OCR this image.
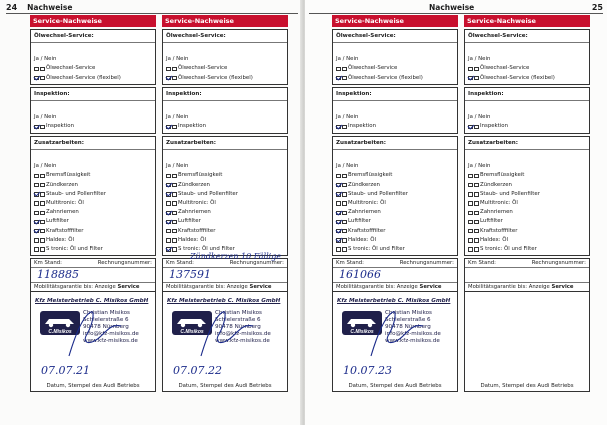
24 Nachweise	Nachweise	25
Service-Nachweise
Ölwechsel-Service:
Ja / Nein
Ölwechsel-Service
Ölwechsel-Service (flexibel)
Inspektion:
Ja / Nein
Inspektion
Zusatzarbeiten:
Ja / Nein
Bremsflüssigkeit
Zündkerzen
Staub- und Pollenfilter
Multitronic: Öl
Zahnriemen
Luftfilter
Kraftstofffilter
Haldex: Öl
S tronic: Öl und Filter
Km Stand:	Rechnungsnummer:
118885
Mobilitätsgarantie bis: Anzeige Service
Kfz Meisterbetrieb C. Misikos GmbH
C.Misikos
Christian Misikos
Schielerstraße 6
90478 Nürnberg
info@kfz-misikos.de
www.kfz-misikos.de
07.07.21
Datum, Stempel des Audi Betriebs
Service-Nachweise
Ölwechsel-Service:
Ja / Nein
Ölwechsel-Service
Ölwechsel-Service (flexibel)
Inspektion:
Ja / Nein
Inspektion
Zusatzarbeiten:
Ja / Nein
Bremsflüssigkeit
Zündkerzen
Staub- und Pollenfilter
Multitronic: Öl
Zahnriemen
Luftfilter
Kraftstofffilter
Haldex: Öl
S tronic: Öl und Filter
Km Stand:	Rechnungsnummer:
137591
Mobilitätsgarantie bis: Anzeige Service
Kfz Meisterbetrieb C. Misikos GmbH
C.Misikos
Christian Misikos
Schielerstraße 6
90478 Nürnberg
info@kfz-misikos.de
www.kfz-misikos.de
07.07.22
Datum, Stempel des Audi Betriebs
Zündkerzen 10 Fällige
Service-Nachweise
Ölwechsel-Service:
Ja / Nein
Ölwechsel-Service
Ölwechsel-Service (flexibel)
Inspektion:
Ja / Nein
Inspektion
Zusatzarbeiten:
Ja / Nein
Bremsflüssigkeit
Zündkerzen
Staub- und Pollenfilter
Multitronic: Öl
Zahnriemen
Luftfilter
Kraftstofffilter
Haldex: Öl
S tronic: Öl und Filter
Km Stand:	Rechnungsnummer:
161066
Mobilitätsgarantie bis: Anzeige Service
Kfz Meisterbetrieb C. Misikos GmbH
C.Misikos
Christian Misikos
Schielerstraße 6
90478 Nürnberg
info@kfz-misikos.de
www.kfz-misikos.de
10.07.23
Datum, Stempel des Audi Betriebs
Service-Nachweise
Ölwechsel-Service:
Ja / Nein
Ölwechsel-Service
Ölwechsel-Service (flexibel)
Inspektion:
Ja / Nein
Inspektion
Zusatzarbeiten:
Ja / Nein
Bremsflüssigkeit
Zündkerzen
Staub- und Pollenfilter
Multitronic: Öl
Zahnriemen
Luftfilter
Kraftstofffilter
Haldex: Öl
S tronic: Öl und Filter
Km Stand:	Rechnungsnummer:
Mobilitätsgarantie bis: Anzeige Service
Datum, Stempel des Audi Betriebs
